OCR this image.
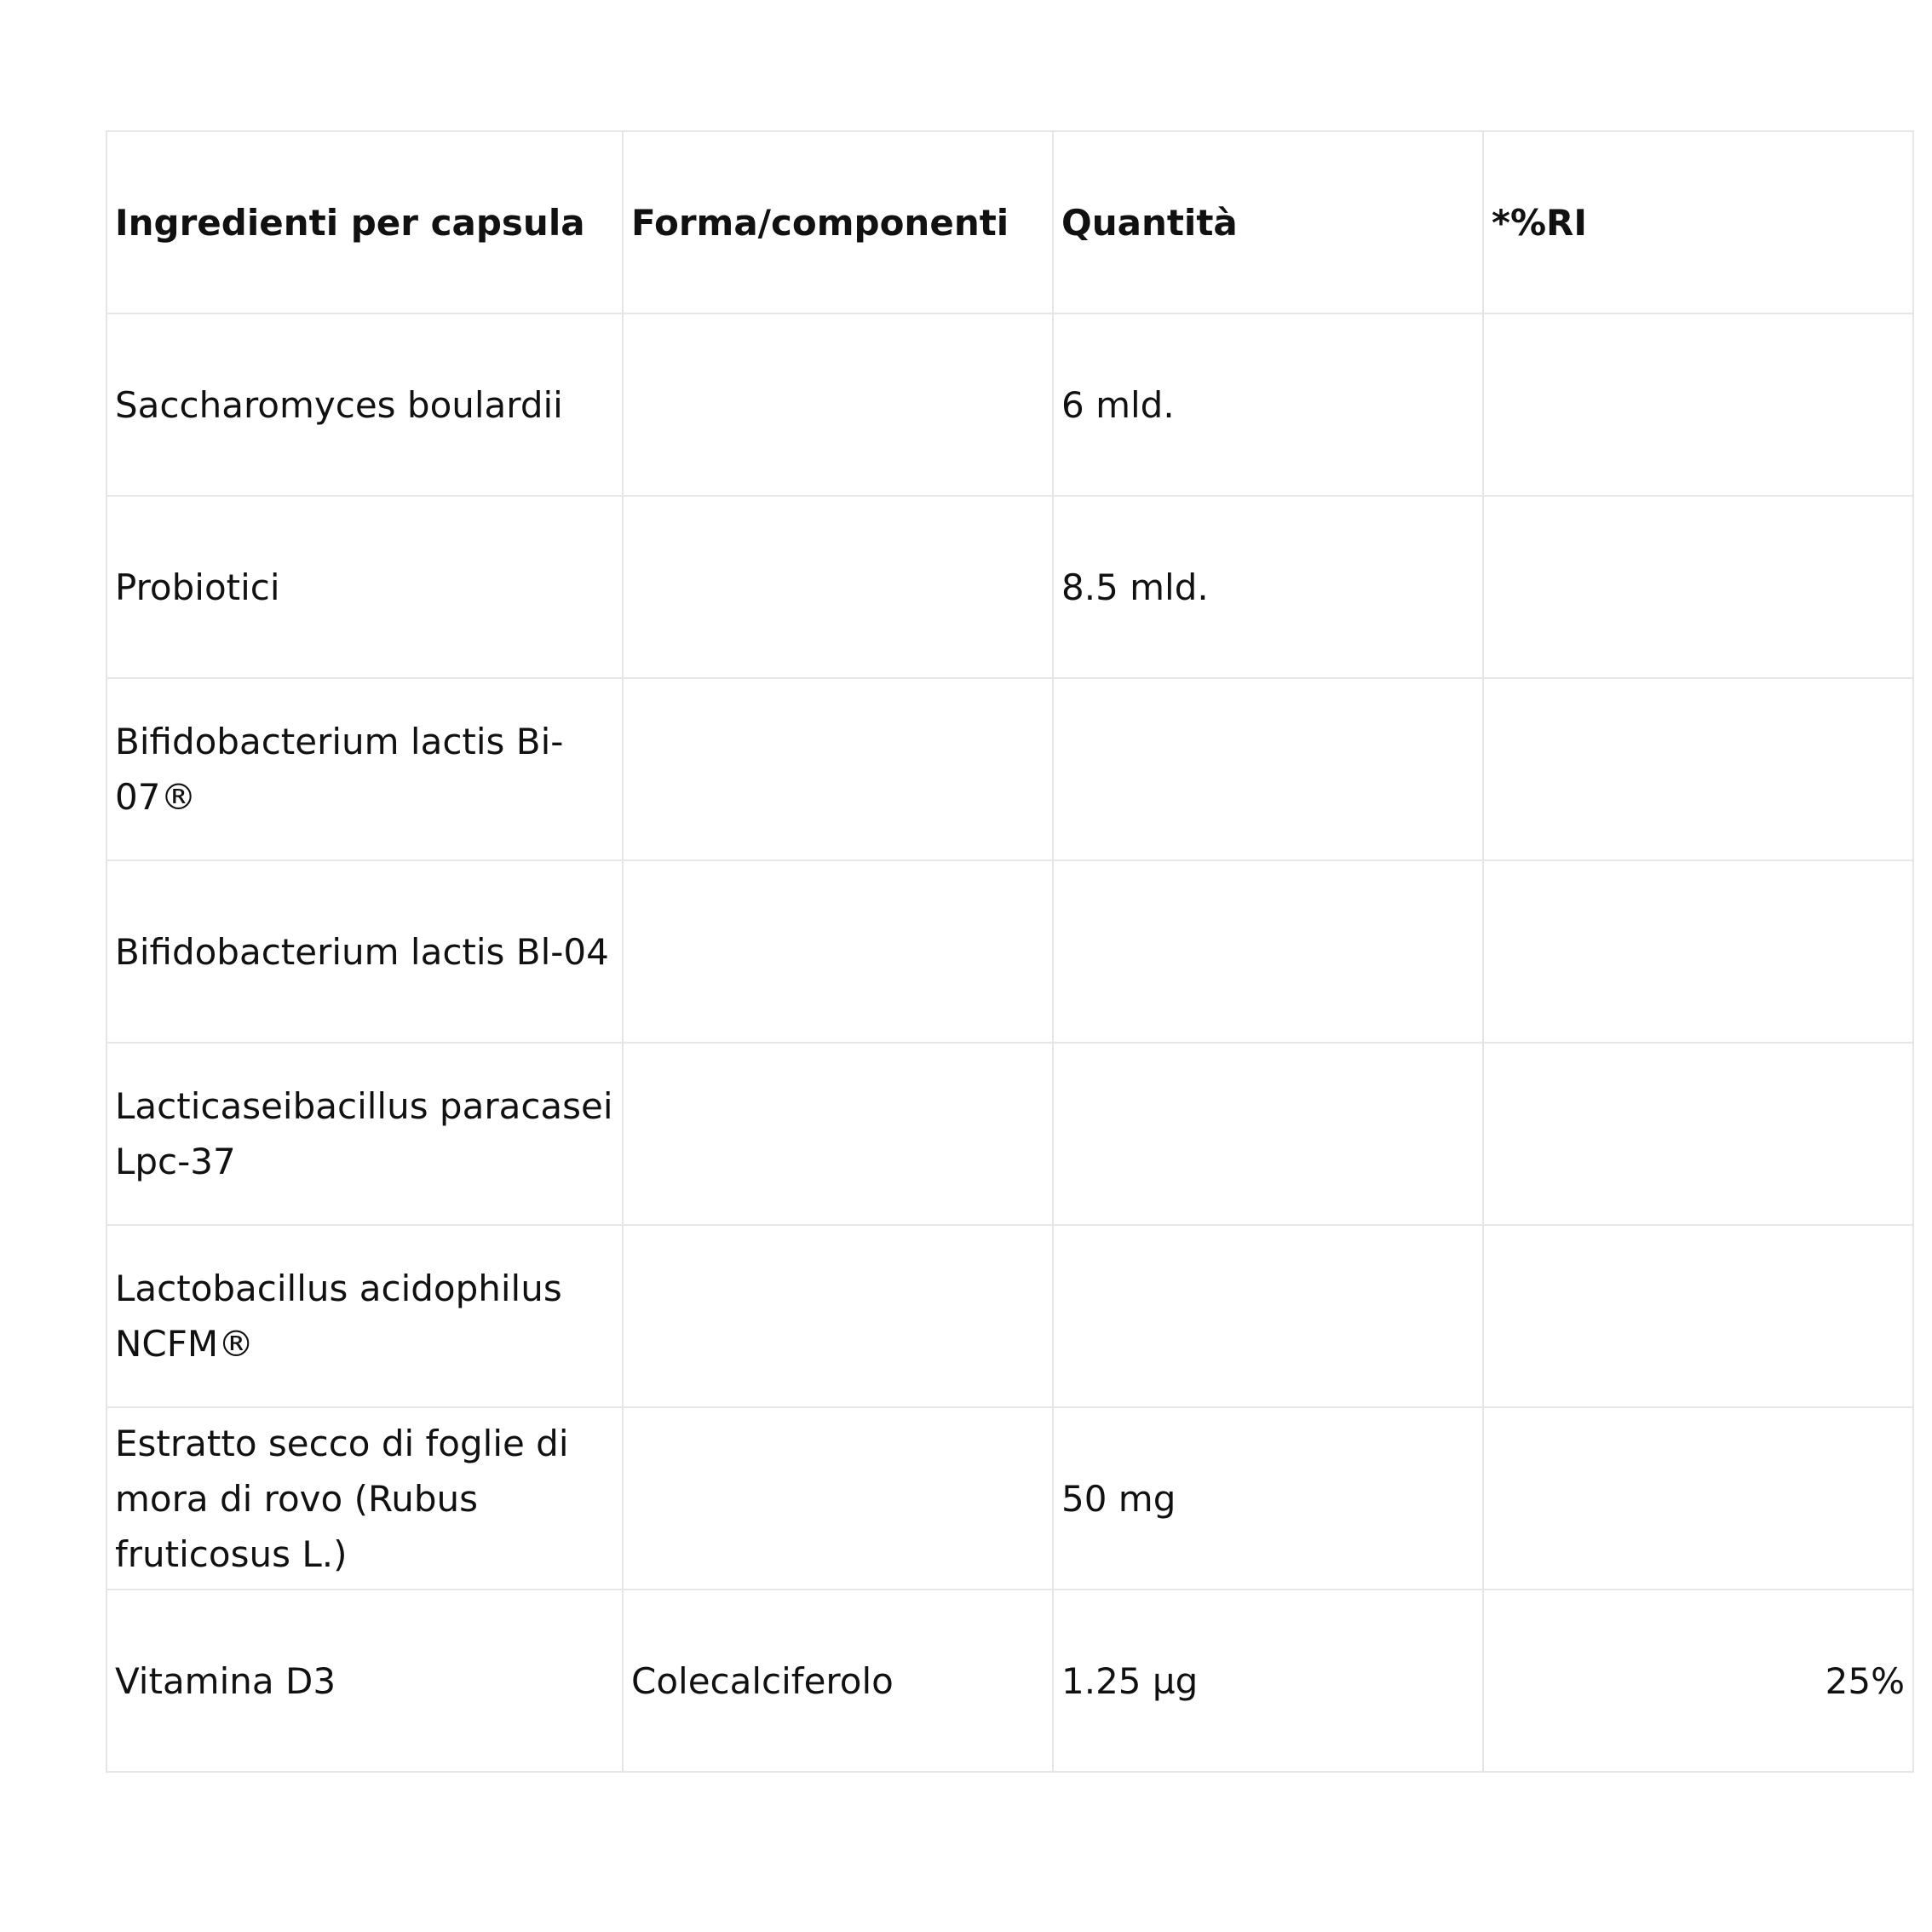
Ingredienti per capsula	Forma/componenti	Quantità	*%RI
Saccharomyces boulardii		6 mld.	
Probiotici		8.5 mld.	
Bifidobacterium lactis Bi-07®			
Bifidobacterium lactis Bl-04			
Lacticaseibacillus paracasei Lpc-37			
Lactobacillus acidophilus NCFM®			
Estratto secco di foglie di mora di rovo (Rubus fruticosus L.)		50 mg	
Vitamina D3	Colecalciferolo	1.25 µg	25%
